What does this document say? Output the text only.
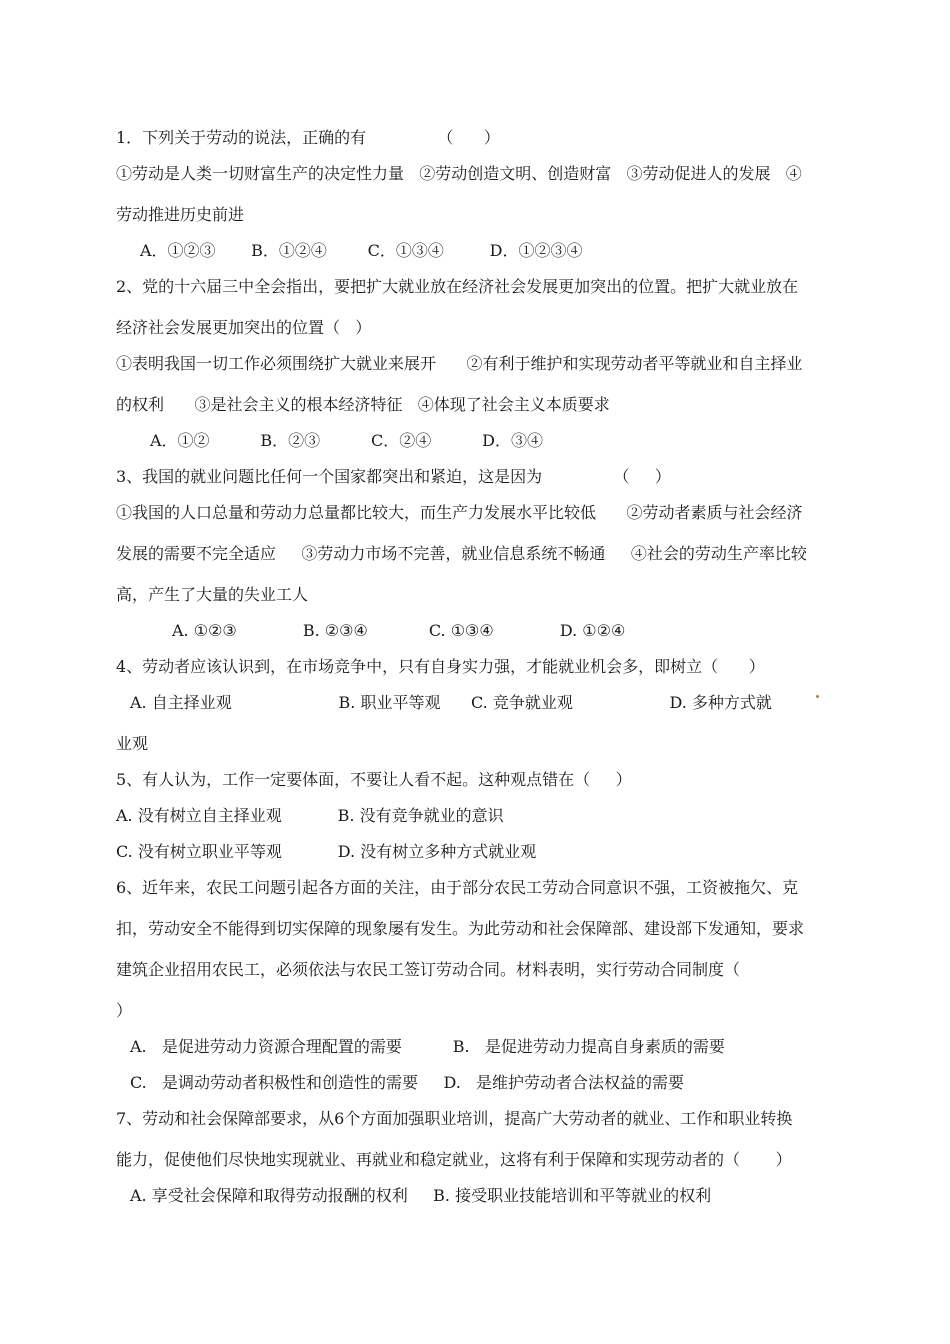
1．下列关于劳动的说法，正确的有              （      ）
①劳动是人类一切财富生产的决定性力量   ②劳动创造文明、创造财富   ③劳动促进人的发展   ④
劳动推进历史前进
A．①②③       B．①②④        C．①③④         D．①②③④
2、党的十六届三中全会指出，要把扩大就业放在经济社会发展更加突出的位置。把扩大就业放在
经济社会发展更加突出的位置（   ）
①表明我国一切工作必须围绕扩大就业来展开      ②有利于维护和实现劳动者平等就业和自主择业
的权利      ③是社会主义的根本经济特征   ④体现了社会主义本质要求
A．①②          B．②③          C．②④          D．③④
3、我国的就业问题比任何一个国家都突出和紧迫，这是因为              （     ）
①我国的人口总量和劳动力总量都比较大，而生产力发展水平比较低      ②劳动者素质与社会经济
发展的需要不完全适应     ③劳动力市场不完善，就业信息系统不畅通     ④社会的劳动生产率比较
高，产生了大量的失业工人
A. ①②③             B. ②③④            C. ①③④             D. ①②④
4、劳动者应该认识到，在市场竞争中，只有自身实力强，才能就业机会多，即树立（      ）
A. 自主择业观                     B. 职业平等观      C. 竞争就业观                   D. 多种方式就
业观
5、有人认为，工作一定要体面，不要让人看不起。这种观点错在（     ）
A. 没有树立自主择业观           B. 没有竞争就业的意识
C. 没有树立职业平等观           D. 没有树立多种方式就业观
6、近年来，农民工问题引起各方面的关注，由于部分农民工劳动合同意识不强，工资被拖欠、克
扣，劳动安全不能得到切实保障的现象屡有发生。为此劳动和社会保障部、建设部下发通知，要求
建筑企业招用农民工，必须依法与农民工签订劳动合同。材料表明，实行劳动合同制度（
）
A.   是促进劳动力资源合理配置的需要          B.   是促进劳动力提高自身素质的需要
C.   是调动劳动者积极性和创造性的需要     D.   是维护劳动者合法权益的需要
7、劳动和社会保障部要求，从6个方面加强职业培训，提高广大劳动者的就业、工作和职业转换
能力，促使他们尽快地实现就业、再就业和稳定就业，这将有利于保障和实现劳动者的（       ）
A. 享受社会保障和取得劳动报酬的权利     B. 接受职业技能培训和平等就业的权利
